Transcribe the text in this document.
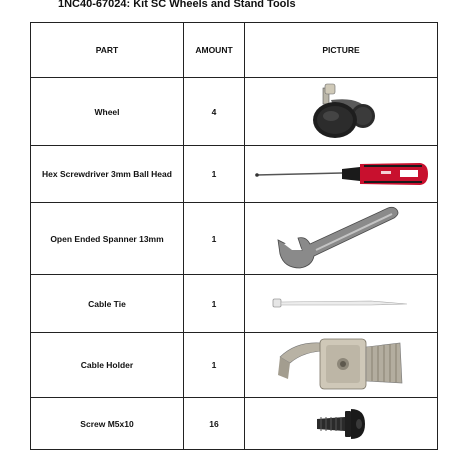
1NC40-67024: Kit SC Wheels and Stand Tools
PART	AMOUNT	PICTURE
Wheel	4	

Hex Screwdriver 3mm Ball Head	1	

Open Ended Spanner 13mm	1	

Cable Tie	1	

Cable Holder	1	

Screw M5x10	16	
